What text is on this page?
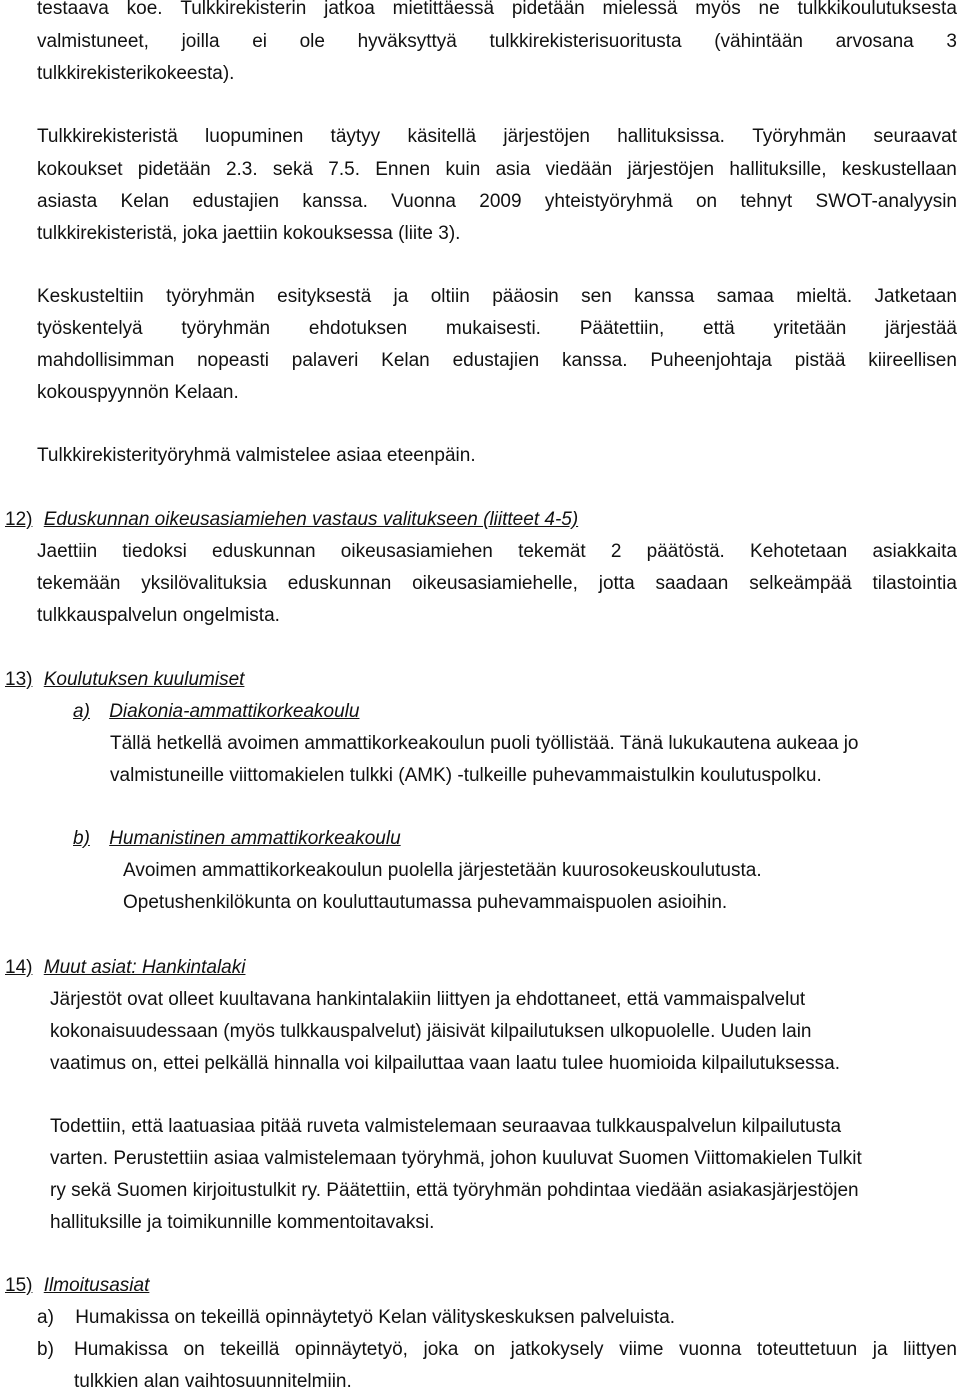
testaava koe. Tulkkirekisterin jatkoa mietittäessä pidetään mielessä myös ne tulkkikoulutuksesta
valmistuneet, joilla ei ole hyväksyttyä tulkkirekisterisuoritusta (vähintään arvosana 3
tulkkirekisterikokeesta).
Tulkkirekisteristä luopuminen täytyy käsitellä järjestöjen hallituksissa. Työryhmän seuraavat
kokoukset pidetään 2.3. sekä 7.5. Ennen kuin asia viedään järjestöjen hallituksille, keskustellaan
asiasta Kelan edustajien kanssa. Vuonna 2009 yhteistyöryhmä on tehnyt SWOT-analyysin
tulkkirekisteristä, joka jaettiin kokouksessa (liite 3).
Keskusteltiin työryhmän esityksestä ja oltiin pääosin sen kanssa samaa mieltä. Jatketaan
työskentelyä työryhmän ehdotuksen mukaisesti. Päätettiin, että yritetään järjestää
mahdollisimman nopeasti palaveri Kelan edustajien kanssa. Puheenjohtaja pistää kiireellisen
kokouspyynnön Kelaan.
Tulkkirekisterityöryhmä valmistelee asiaa eteenpäin.
12) Eduskunnan oikeusasiamiehen vastaus valitukseen (liitteet 4-5)
Jaettiin tiedoksi eduskunnan oikeusasiamiehen tekemät 2 päätöstä. Kehotetaan asiakkaita
tekemään yksilövalituksia eduskunnan oikeusasiamiehelle, jotta saadaan selkeämpää tilastointia
tulkkauspalvelun ongelmista.
13) Koulutuksen kuulumiset
a) Diakonia-ammattikorkeakoulu
Tällä hetkellä avoimen ammattikorkeakoulun puoli työllistää. Tänä lukukautena aukeaa jo
valmistuneille viittomakielen tulkki (AMK) -tulkeille puhevammaistulkin koulutuspolku.
b) Humanistinen ammattikorkeakoulu
Avoimen ammattikorkeakoulun puolella järjestetään kuurosokeuskoulutusta.
Opetushenkilökunta on kouluttautumassa puhevammaispuolen asioihin.
14) Muut asiat: Hankintalaki
Järjestöt ovat olleet kuultavana hankintalakiin liittyen ja ehdottaneet, että vammaispalvelut
kokonaisuudessaan (myös tulkkauspalvelut) jäisivät kilpailutuksen ulkopuolelle. Uuden lain
vaatimus on, ettei pelkällä hinnalla voi kilpailuttaa vaan laatu tulee huomioida kilpailutuksessa.
Todettiin, että laatuasiaa pitää ruveta valmistelemaan seuraavaa tulkkauspalvelun kilpailutusta
varten. Perustettiin asiaa valmistelemaan työryhmä, johon kuuluvat Suomen Viittomakielen Tulkit
ry sekä Suomen kirjoitustulkit ry. Päätettiin, että työryhmän pohdintaa viedään asiakasjärjestöjen
hallituksille ja toimikunnille kommentoitavaksi.
15) Ilmoitusasiat
a) Humakissa on tekeillä opinnäytetyö Kelan välityskeskuksen palveluista.
b) Humakissa on tekeillä opinnäytetyö, joka on jatkokysely viime vuonna toteuttetuun ja liittyen
tulkkien alan vaihtosuunnitelmiin.
